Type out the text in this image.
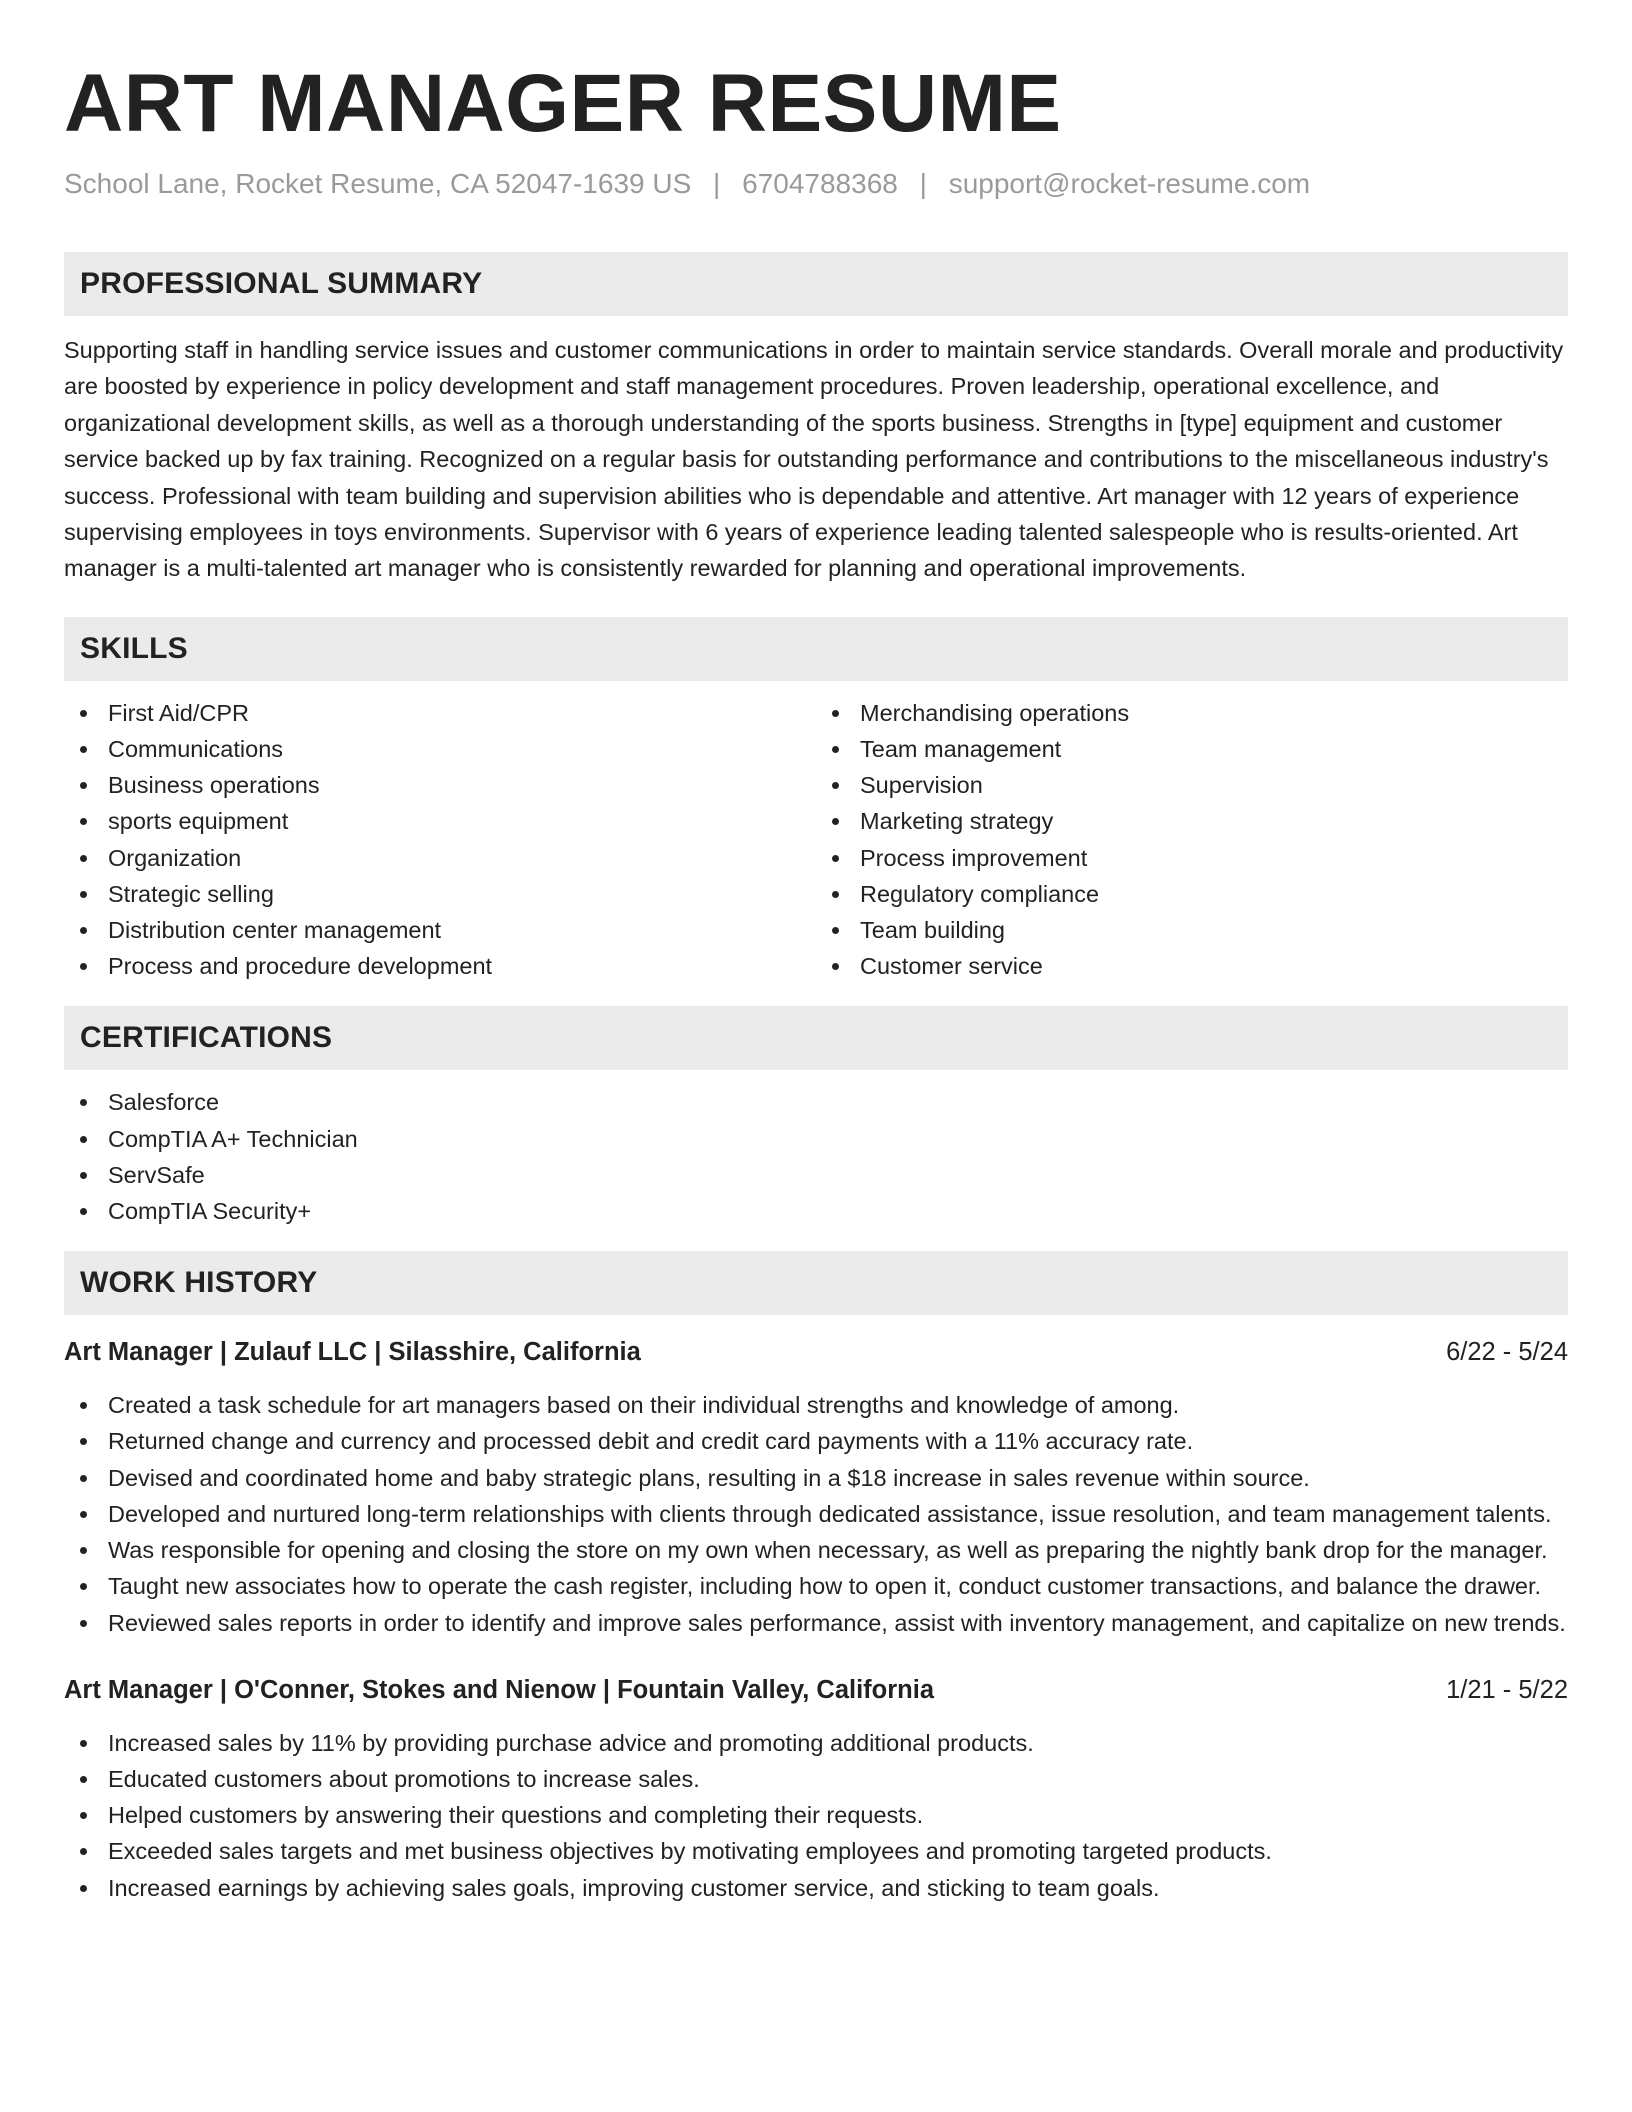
ART MANAGER RESUME
School Lane, Rocket Resume, CA 52047-1639 US | 6704788368 | support@rocket-resume.com
PROFESSIONAL SUMMARY

Supporting staff in handling service issues and customer communications in order to maintain service standards. Overall morale and productivity are boosted by experience in policy development and staff management procedures. Proven leadership, operational excellence, and organizational development skills, as well as a thorough understanding of the sports business. Strengths in [type] equipment and customer service backed up by fax training. Recognized on a regular basis for outstanding performance and contributions to the miscellaneous industry's success. Professional with team building and supervision abilities who is dependable and attentive. Art manager with 12 years of experience supervising employees in toys environments. Supervisor with 6 years of experience leading talented salespeople who is results-oriented. Art manager is a multi-talented art manager who is consistently rewarded for planning and operational improvements.

SKILLS
First Aid/CPR
Communications
Business operations
sports equipment
Organization
Strategic selling
Distribution center management
Process and procedure development
Merchandising operations
Team management
Supervision
Marketing strategy
Process improvement
Regulatory compliance
Team building
Customer service
CERTIFICATIONS
Salesforce
CompTIA A+ Technician
ServSafe
CompTIA Security+
WORK HISTORY
Art Manager | Zulauf LLC | Silasshire, California	6/22 - 5/24
Created a task schedule for art managers based on their individual strengths and knowledge of among.
Returned change and currency and processed debit and credit card payments with a 11% accuracy rate.
Devised and coordinated home and baby strategic plans, resulting in a $18 increase in sales revenue within source.
Developed and nurtured long-term relationships with clients through dedicated assistance, issue resolution, and team management talents.
Was responsible for opening and closing the store on my own when necessary, as well as preparing the nightly bank drop for the manager.
Taught new associates how to operate the cash register, including how to open it, conduct customer transactions, and balance the drawer.
Reviewed sales reports in order to identify and improve sales performance, assist with inventory management, and capitalize on new trends.
Art Manager | O'Conner, Stokes and Nienow | Fountain Valley, California	1/21 - 5/22
Increased sales by 11% by providing purchase advice and promoting additional products.
Educated customers about promotions to increase sales.
Helped customers by answering their questions and completing their requests.
Exceeded sales targets and met business objectives by motivating employees and promoting targeted products.
Increased earnings by achieving sales goals, improving customer service, and sticking to team goals.
